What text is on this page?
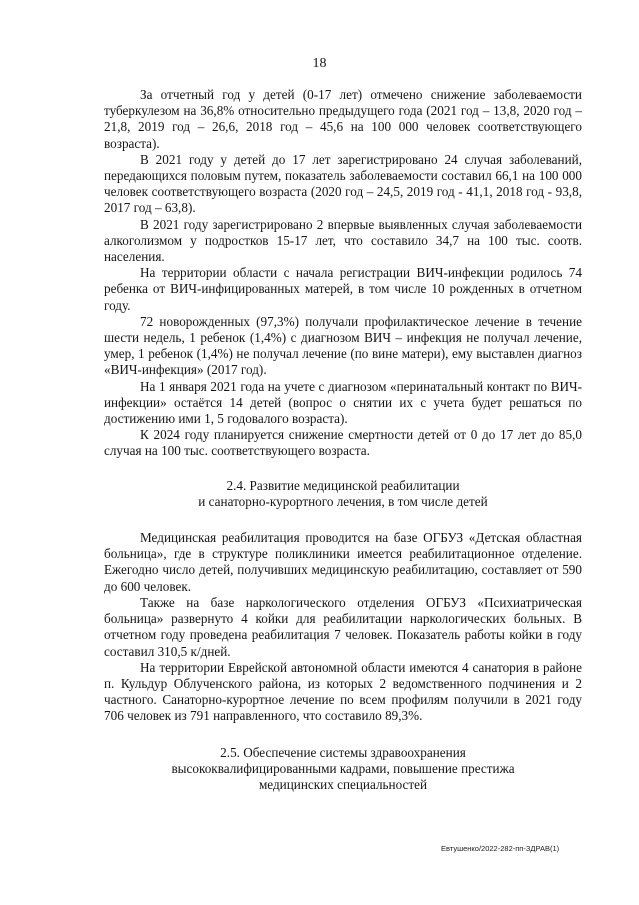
18

За отчетный год у детей (0-17 лет) отмечено снижение заболеваемости туберкулезом на 36,8% относительно предыдущего года (2021 год – 13,8, 2020 год – 21,8, 2019 год – 26,6, 2018 год – 45,6 на 100 000 человек соответствующего возраста).

В 2021 году у детей до 17 лет зарегистрировано 24 случая заболеваний, передающихся половым путем, показатель заболеваемости составил 66,1 на 100 000 человек соответствующего возраста (2020 год – 24,5, 2019 год - 41,1, 2018 год - 93,8, 2017 год – 63,8).

В 2021 году зарегистрировано 2 впервые выявленных случая заболеваемости алкоголизмом у подростков 15-17 лет, что составило 34,7 на 100 тыс. соотв. населения.

На территории области с начала регистрации ВИЧ-инфекции родилось 74 ребенка от ВИЧ-инфицированных матерей, в том числе 10 рожденных в отчетном году.

72 новорожденных (97,3%) получали профилактическое лечение в течение шести недель, 1 ребенок (1,4%) с диагнозом ВИЧ – инфекция не получал лечение, умер, 1 ребенок (1,4%) не получал лечение (по вине матери), ему выставлен диагноз «ВИЧ-инфекция» (2017 год).

На 1 января 2021 года на учете с диагнозом «перинатальный контакт по ВИЧ-инфекции» остаётся 14 детей (вопрос о снятии их с учета будет решаться по достижению ими 1, 5 годовалого возраста).

К 2024 году планируется снижение смертности детей от 0 до 17 лет до 85,0 случая на 100 тыс. соответствующего возраста.

2.4. Развитие медицинской реабилитации
и санаторно-курортного лечения, в том числе детей

Медицинская реабилитация проводится на базе ОГБУЗ «Детская областная больница», где в структуре поликлиники имеется реабилитационное отделение. Ежегодно число детей, получивших медицинскую реабилитацию, составляет от 590 до 600 человек.

Также на базе наркологического отделения ОГБУЗ «Психиатрическая больница» развернуто 4 койки для реабилитации наркологических больных. В отчетном году проведена реабилитация 7 человек. Показатель работы койки в году составил 310,5 к/дней.

На территории Еврейской автономной области имеются 4 санатория в районе п. Кульдур Облученского района, из которых 2 ведомственного подчинения и 2 частного. Санаторно-курортное лечение по всем профилям получили в 2021 году 706 человек из 791 направленного, что составило 89,3%.

2.5. Обеспечение системы здравоохранения
высококвалифицированными кадрами, повышение престижа
медицинских специальностей
Евтушенко/2022-282-пп-ЗДРАВ(1)
